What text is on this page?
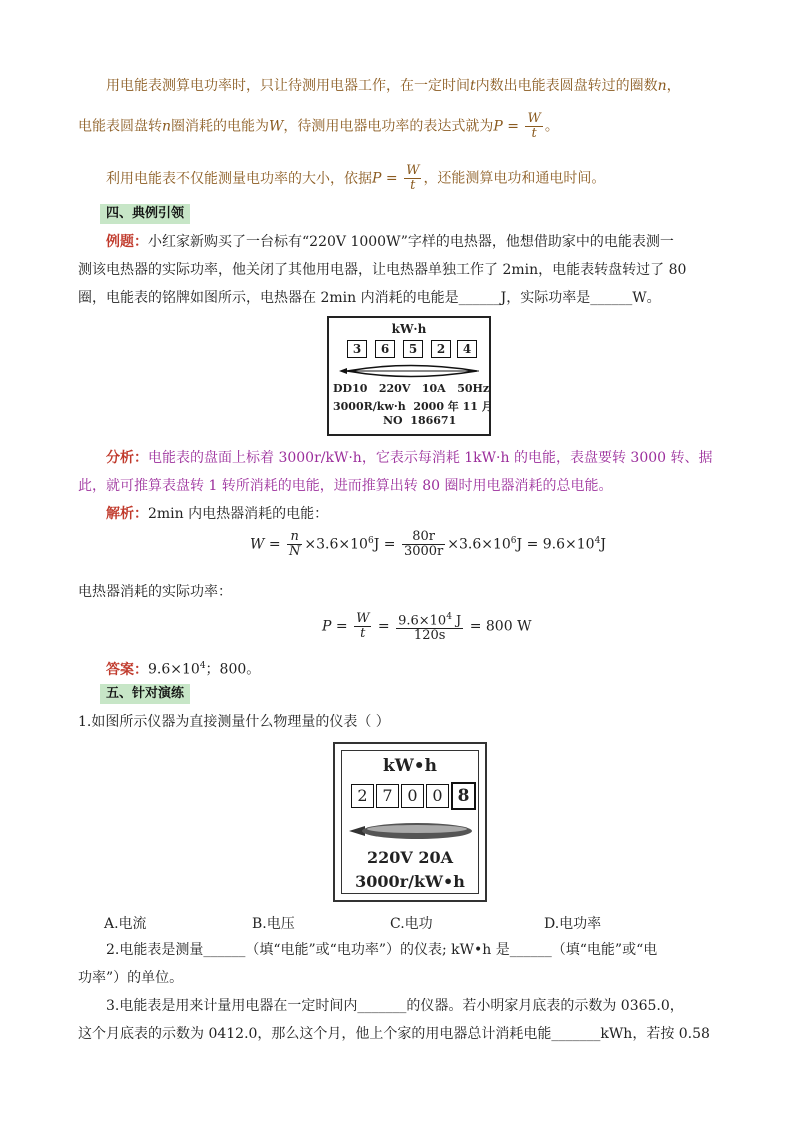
用电能表测算电功率时，只让待测用电器工作，在一定时间t内数出电能表圆盘转过的圈数n，
电能表圆盘转n圈消耗的电能为W，待测用电器电功率的表达式就为$P = \frac{W}{t}$ 。
利用电能表不仅能测量电功率的大小，依据$P = \frac{W}{t}$ ，还能测算电功和通电时间。
四、典例引领
例题：小红家新购买了一台标有“220V 1000W”字样的电热器，他想借助家中的电能表测一
测该电热器的实际功率，他关闭了其他用电器，让电热器单独工作了 2min，电能表转盘转过了 80
圈，电能表的铭牌如图所示，电热器在 2min 内消耗的电能是______J，实际功率是______W。
kW·h
3	6	5	2	4
DD10   220V   10A   50Hz
3000R/kw·h  2000 年 11 月
NO  186671
分析：电能表的盘面上标着 3000r/kW·h，它表示每消耗 1kW·h 的电能，表盘要转 3000 转、据
此，就可推算表盘转 1 转所消耗的电能，进而推算出转 80 圈时用电器消耗的总电能。
解析：2min 内电热器消耗的电能：
$W = \frac{n}{N} \times 3.6\times 10^6J = \frac{80r}{3000r} \times 3.6\times 10^6J = 9.6\times 10^4J$
电热器消耗的实际功率：
$P = \frac{W}{t} = \frac{9.6\times 10^4 J}{120s} = 800$ W
答案：$9.6\times 10^4$；800。
五、针对演练
1.如图所示仪器为直接测量什么物理量的仪表（ ）
kW•h
2 7 0 0 8
220V 20A
3000r/kW•h
A.电流	B.电压	C.电功	D.电功率
2.电能表是测量______（填“电能”或“电功率”）的仪表; kW•h 是______（填“电能”或“电
功率”）的单位。
3.电能表是用来计量用电器在一定时间内_______的仪器。若小明家月底表的示数为 0365.0，
这个月底表的示数为 0412.0，那么这个月，他上个家的用电器总计消耗电能_______kWh，若按 0.58
